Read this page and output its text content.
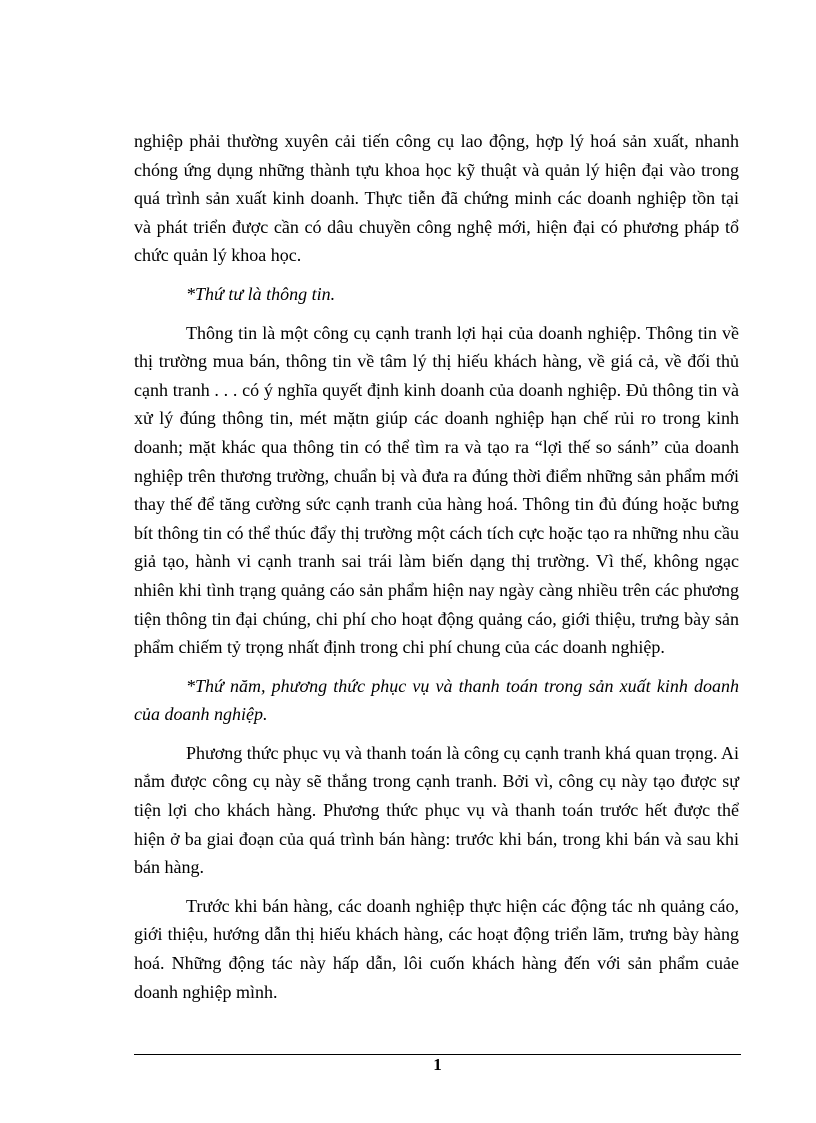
nghiệp phải thường xuyên cải tiến công cụ lao động, hợp lý hoá sản xuất, nhanh chóng ứng dụng những thành tựu khoa học kỹ thuật và quản lý hiện đại vào trong quá trình sản xuất kinh doanh. Thực tiễn đã chứng minh các doanh nghiệp tồn tại và phát triển được cần có dâu chuyền công nghệ mới, hiện đại có phương pháp tổ chức quản lý khoa học.

*Thứ tư là thông tin.

Thông tin là một công cụ cạnh tranh lợi hại của doanh nghiệp. Thông tin về thị trường mua bán, thông tin về tâm lý thị hiếu khách hàng, về giá cả, về đối thủ cạnh tranh . . . có ý nghĩa quyết định kinh doanh của doanh nghiệp. Đủ thông tin và xử lý đúng thông tin, mét mặtn giúp các doanh nghiệp hạn chế rủi ro trong kinh doanh; mặt khác qua thông tin có thể tìm ra và tạo ra “lợi thế so sánh” của doanh nghiệp trên thương trường, chuẩn bị và đưa ra đúng thời điểm những sản phẩm mới thay thế để tăng cường sức cạnh tranh của hàng hoá. Thông tin đủ đúng hoặc bưng bít thông tin có thể thúc đẩy thị trường một cách tích cực hoặc tạo ra những nhu cầu giả tạo, hành vi cạnh tranh sai trái làm biến dạng thị trường. Vì thế, không ngạc nhiên khi tình trạng quảng cáo sản phẩm hiện nay ngày càng nhiều trên các phương tiện thông tin đại chúng, chi phí cho hoạt động quảng cáo, giới thiệu, trưng bày sản phẩm chiếm tỷ trọng nhất định trong chi phí chung của các doanh nghiệp.

*Thứ năm, phương thức phục vụ và thanh toán trong sản xuất kinh doanh của doanh nghiệp.

Phương thức phục vụ và thanh toán là công cụ cạnh tranh khá quan trọng. Ai nắm được công cụ này sẽ thắng trong cạnh tranh. Bởi vì, công cụ này tạo được sự tiện lợi cho khách hàng. Phương thức phục vụ và thanh toán trước hết được thể hiện ở ba giai đoạn của quá trình bán hàng: trước khi bán, trong khi bán và sau khi bán hàng.

Trước khi bán hàng, các doanh nghiệp thực hiện các động tác nh quảng cáo, giới thiệu, hướng dẫn thị hiếu khách hàng, các hoạt động triển lãm, trưng bày hàng hoá. Những động tác này hấp dẫn, lôi cuốn khách hàng đến với sản phẩm cuảe doanh nghiệp mình.

1
